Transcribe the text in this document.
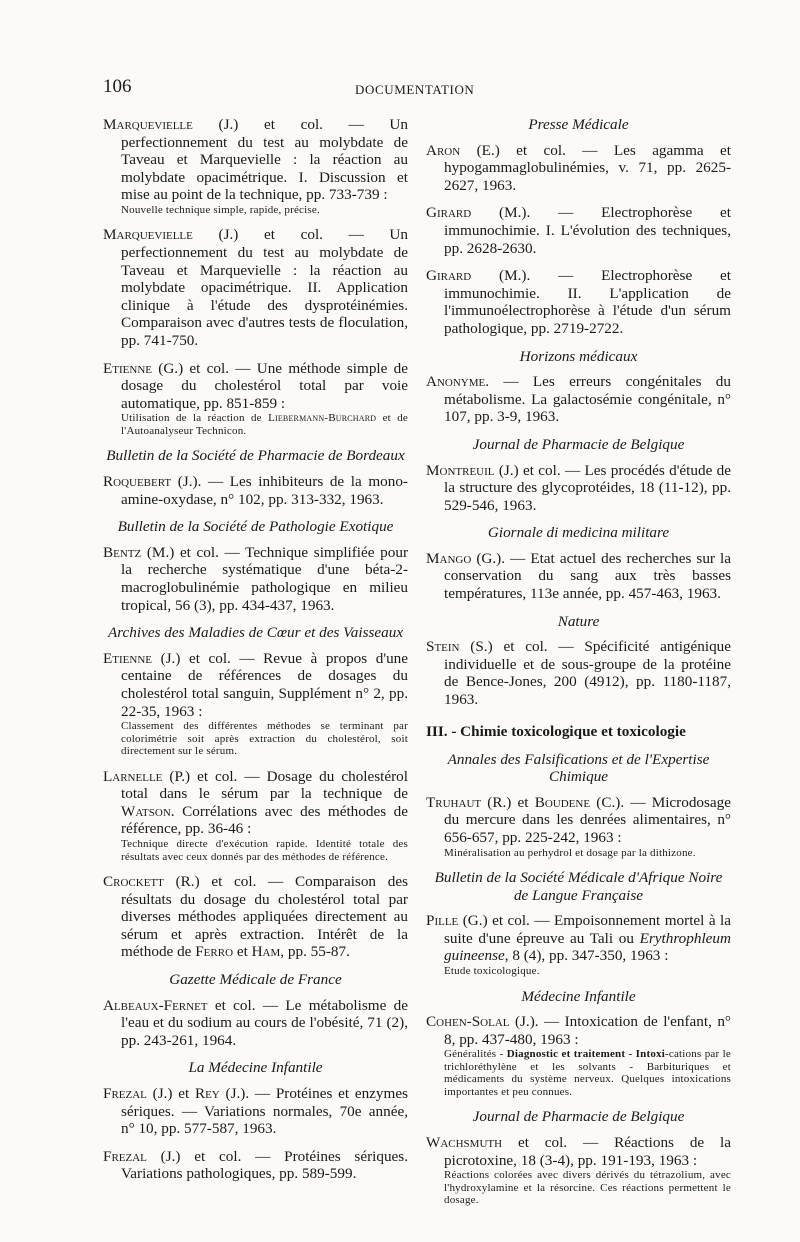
106	DOCUMENTATION

Marquevielle (J.) et col. — Un perfectionnement du test au molybdate de Taveau et Marquevielle : la réaction au molybdate opacimétrique. I. Discussion et mise au point de la technique, pp. 733-739 :
Nouvelle technique simple, rapide, précise.

Marquevielle (J.) et col. — Un perfectionnement du test au molybdate de Taveau et Marquevielle : la réaction au molybdate opacimétrique. II. Application clinique à l'étude des dysprotéinémies. Comparaison avec d'autres tests de floculation, pp. 741-750.

Etienne (G.) et col. — Une méthode simple de dosage du cholestérol total par voie automatique, pp. 851-859 :
Utilisation de la réaction de Liebermann-Burchard et de l'Autoanalyseur Technicon.

Bulletin de la Société de Pharmacie de Bordeaux

Roquebert (J.). — Les inhibiteurs de la mono-amine-oxydase, n° 102, pp. 313-332, 1963.

Bulletin de la Société de Pathologie Exotique

Bentz (M.) et col. — Technique simplifiée pour la recherche systématique d'une béta-2-macroglobulinémie pathologique en milieu tropical, 56 (3), pp. 434-437, 1963.

Archives des Maladies de Cœur et des Vaisseaux

Etienne (J.) et col. — Revue à propos d'une centaine de références de dosages du cholestérol total sanguin, Supplément n° 2, pp. 22-35, 1963 :
Classement des différentes méthodes se terminant par colorimétrie soit après extraction du cholestérol, soit directement sur le sérum.

Larnelle (P.) et col. — Dosage du cholestérol total dans le sérum par la technique de Watson. Corrélations avec des méthodes de référence, pp. 36-46 :
Technique directe d'exécution rapide. Identité totale des résultats avec ceux donnés par des méthodes de référence.

Crockett (R.) et col. — Comparaison des résultats du dosage du cholestérol total par diverses méthodes appliquées directement au sérum et après extraction. Intérêt de la méthode de Ferro et Ham, pp. 55-87.

Gazette Médicale de France

Albeaux-Fernet et col. — Le métabolisme de l'eau et du sodium au cours de l'obésité, 71 (2), pp. 243-261, 1964.

La Médecine Infantile

Frezal (J.) et Rey (J.). — Protéines et enzymes sériques. — Variations normales, 70e année, n° 10, pp. 577-587, 1963.

Frezal (J.) et col. — Protéines sériques. Variations pathologiques, pp. 589-599.

Presse Médicale

Aron (E.) et col. — Les agamma et hypogammaglobulinémies, v. 71, pp. 2625-2627, 1963.

Girard (M.). — Electrophorèse et immunochimie. I. L'évolution des techniques, pp. 2628-2630.

Girard (M.). — Electrophorèse et immunochimie. II. L'application de l'immunoélectrophorèse à l'étude d'un sérum pathologique, pp. 2719-2722.

Horizons médicaux

Anonyme. — Les erreurs congénitales du métabolisme. La galactosémie congénitale, n° 107, pp. 3-9, 1963.

Journal de Pharmacie de Belgique

Montreuil (J.) et col. — Les procédés d'étude de la structure des glycoprotéides, 18 (11-12), pp. 529-546, 1963.

Giornale di medicina militare

Mango (G.). — Etat actuel des recherches sur la conservation du sang aux très basses températures, 113e année, pp. 457-463, 1963.

Nature

Stein (S.) et col. — Spécificité antigénique individuelle et de sous-groupe de la protéine de Bence-Jones, 200 (4912), pp. 1180-1187, 1963.

III. - Chimie toxicologique et toxicologie
Annales des Falsifications et de l'Expertise Chimique

Truhaut (R.) et Boudene (C.). — Microdosage du mercure dans les denrées alimentaires, n° 656-657, pp. 225-242, 1963 :
Minéralisation au perhydrol et dosage par la dithizone.

Bulletin de la Société Médicale d'Afrique Noire de Langue Française

Pille (G.) et col. — Empoisonnement mortel à la suite d'une épreuve au Tali ou Erythrophleum guineense, 8 (4), pp. 347-350, 1963 :
Etude toxicologique.

Médecine Infantile

Cohen-Solal (J.). — Intoxication de l'enfant, n° 8, pp. 437-480, 1963 :
Généralités - Diagnostic et traitement - Intoxi-cations par le trichloréthylène et les solvants - Barbituriques et médicaments du système nerveux. Quelques intoxications importantes et peu connues.

Journal de Pharmacie de Belgique

Wachsmuth et col. — Réactions de la picrotoxine, 18 (3-4), pp. 191-193, 1963 :
Réactions colorées avec divers dérivés du tétrazolium, avec l'hydroxylamine et la résorcine. Ces réactions permettent le dosage.
